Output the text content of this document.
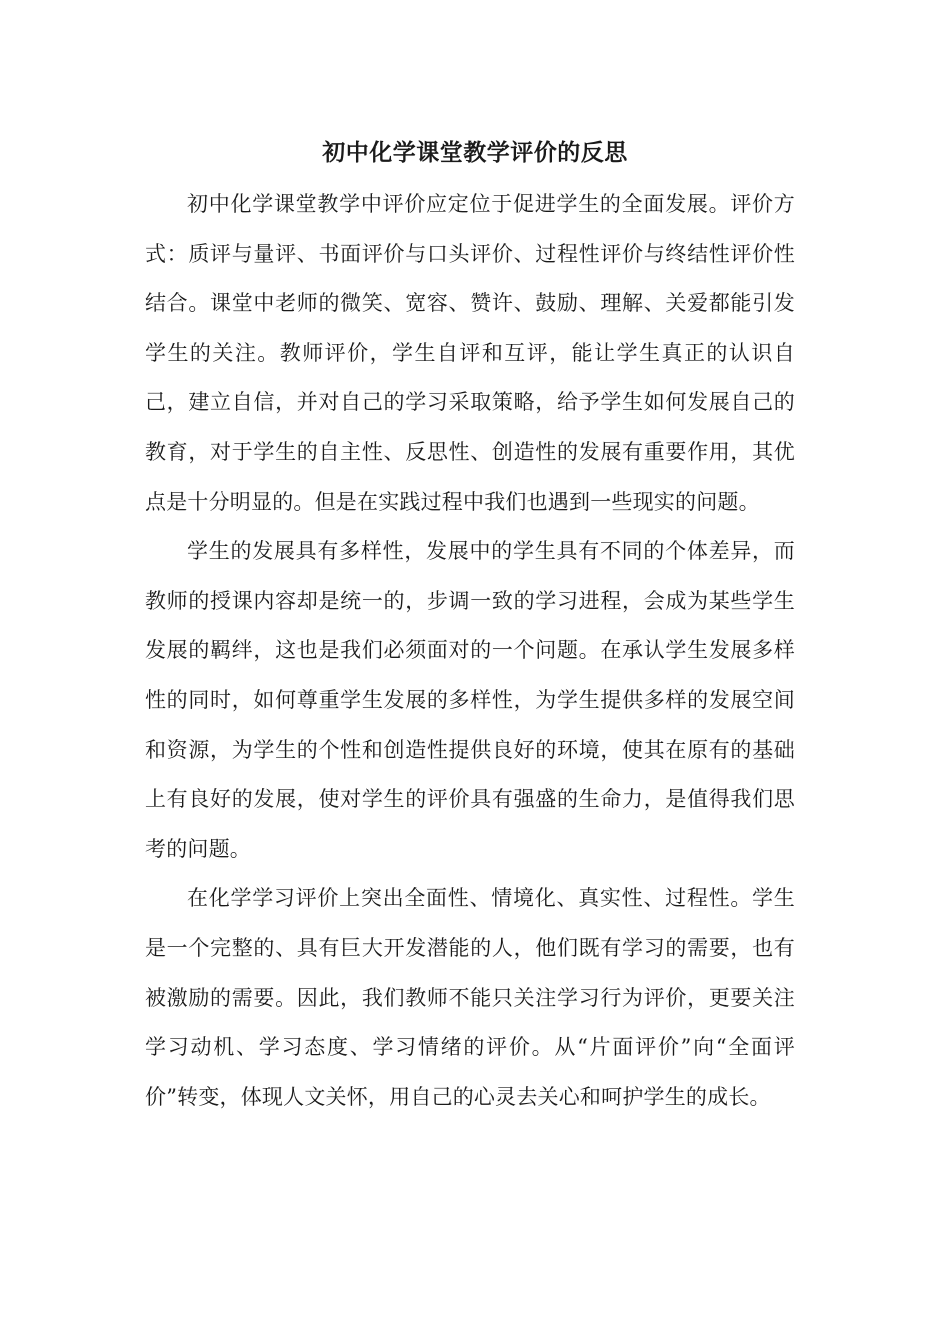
初中化学课堂教学评价的反思

初中化学课堂教学中评价应定位于促进学生的全面发展。评价方式：质评与量评、书面评价与口头评价、过程性评价与终结性评价性结合。课堂中老师的微笑、宽容、赞许、鼓励、理解、关爱都能引发学生的关注。教师评价，学生自评和互评，能让学生真正的认识自己，建立自信，并对自己的学习采取策略，给予学生如何发展自己的教育，对于学生的自主性、反思性、创造性的发展有重要作用，其优点是十分明显的。但是在实践过程中我们也遇到一些现实的问题。

学生的发展具有多样性，发展中的学生具有不同的个体差异，而教师的授课内容却是统一的，步调一致的学习进程，会成为某些学生发展的羁绊，这也是我们必须面对的一个问题。在承认学生发展多样性的同时，如何尊重学生发展的多样性，为学生提供多样的发展空间和资源，为学生的个性和创造性提供良好的环境，使其在原有的基础上有良好的发展，使对学生的评价具有强盛的生命力，是值得我们思考的问题。

在化学学习评价上突出全面性、情境化、真实性、过程性。学生是一个完整的、具有巨大开发潜能的人，他们既有学习的需要，也有被激励的需要。因此，我们教师不能只关注学习行为评价，更要关注学习动机、学习态度、学习情绪的评价。从“片面评价”向“全面评价”转变，体现人文关怀，用自己的心灵去关心和呵护学生的成长。
